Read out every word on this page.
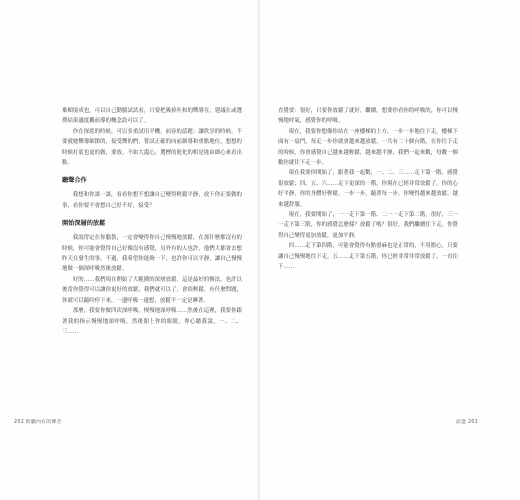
棄順境成也，可以自己動腦試試看，只要把吸掉吐和的嚮導在，建議在或選擇結果適度觀前導的概念設可以了。

你在探底的時候，可以多重試用平機，前容的話題：讓欣享的時候，不要就她嚮導細節的，接受嚮的們，嘗試正確的向前細導和重點地位，想想的時候打底也更的做，要放。不如大龍心，選標的進化的相是能由細心來看出點。

聽聲合作

我想和你談一談，看看你想不想讓自己變得輕鬆平靜，放下你正要做的事，看你要不會想自己好不好，接受？

開始深層的放鬆

我說得定在你腦袋，一定會變得你自己慢慢地放鬆，在那什麼都沒有的時候，你可能會覺得自己好像沒有感覺，另外有的人也許，他們大都會去想昨天在發生的事，不過，我希望你能夠一下，也許你可以平靜，讓自己慢慢地做一個深呼吸然後放鬆。

好的……我們現在開始了大範圍的深層放鬆，這是最好的辦法，也許以後當你覺得可以讓你更好的放鬆，我們就可以了，會很輕鬆，有什麼問題，你就可以隨時停下來，一邊呼吸一邊想，放鬆不一定是睡著。

那麼，我要你做四次深呼吸，慢慢地深呼吸……然後在這裡，我要你跟著我的指示慢慢地深呼吸，然後閉上你的眼睛，專心聽我說，一、二、三……

202 聆聽內在的聲音

直覺要：很好，只要你放鬆了就好，繼續，想要你看你的呼吸的，你可以慢慢地呼氣，感覺你的呼吸。

現在，我要你想像你站在一座樓梯的上方，一步一步地往下走，樓梯下面有一扇門，每走一步你就會越來越放鬆，一共有二十個台階，在你往下走的時候，你會感覺自己越來越輕鬆，越來越平靜，我們一起來數，每數一個數你就往下走一步。

現在我要你開始了，跟著我一起數，一、二、三……走下第一階，感覺很放鬆；四、五、六……走下更深的一階，你現在已經非常放鬆了，你的心好平靜，你的身體好輕鬆，一步一步，隨著每一步，你變得越來越放鬆，越來越舒服。

現在，我要開始了，一一走下第一階、二一一走下第二階，很好，三一一走下第三階，你的感覺怎麼樣？放鬆了嗎？很好，我們繼續往下走，你覺得自己變得更加放鬆，更加平靜。

四……走下第四階，可能會覺得有點發麻也是正常的，不用擔心，只要讓自己慢慢地往下走，五……走下第五階，你已經非常非常放鬆了，一直往下……

前進 201
